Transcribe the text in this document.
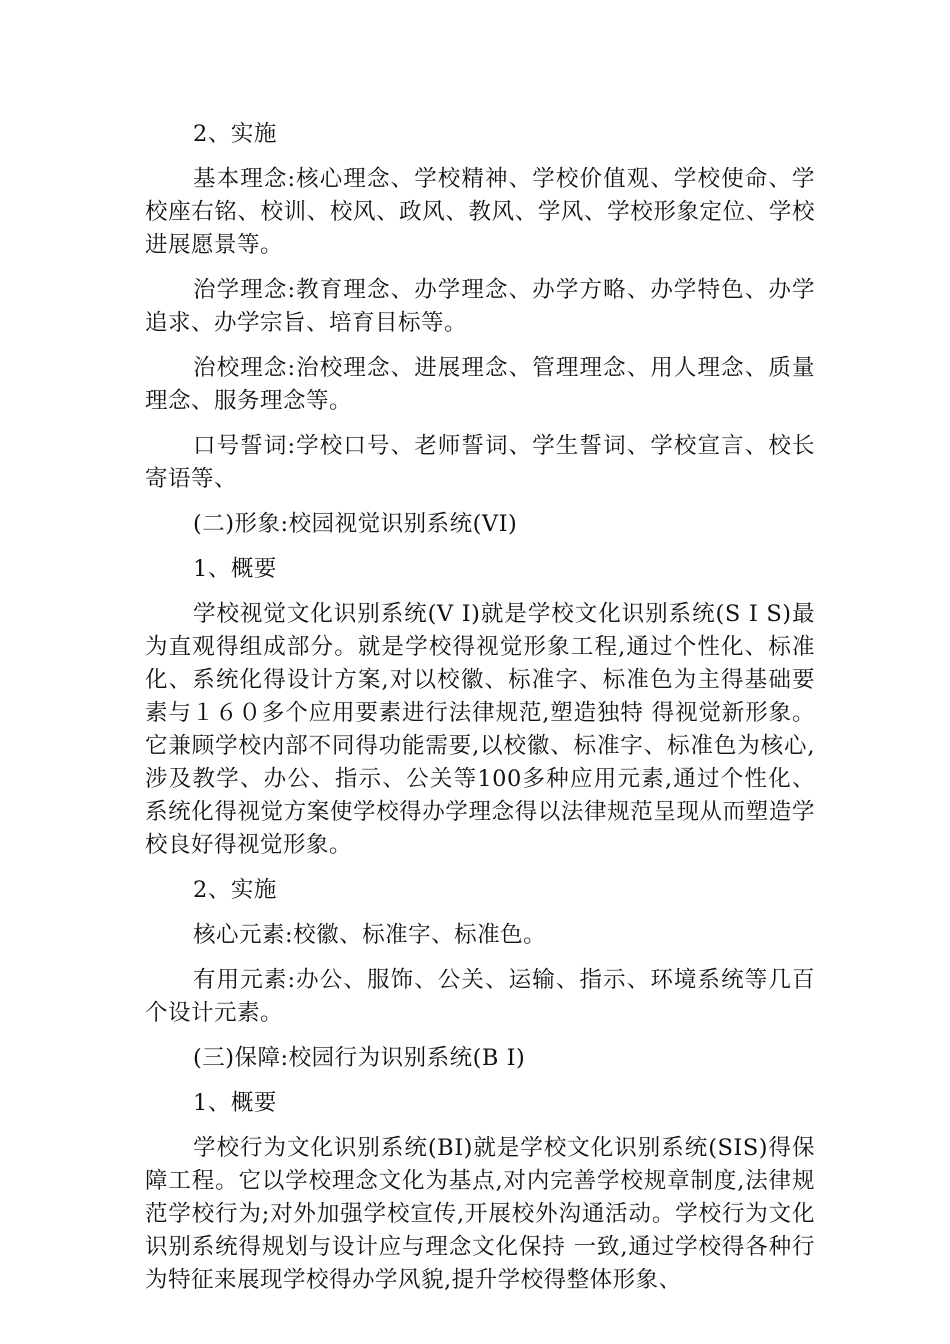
2、实施

基本理念:核心理念、学校精神、学校价值观、学校使命、学校座右铭、校训、校风、政风、教风、学风、学校形象定位、学校进展愿景等。

治学理念:教育理念、办学理念、办学方略、办学特色、办学追求、办学宗旨、培育目标等。

治校理念:治校理念、进展理念、管理理念、用人理念、质量理念、服务理念等。

口号誓词:学校口号、老师誓词、学生誓词、学校宣言、校长寄语等、

(二)形象:校园视觉识别系统(VI)

1、概要

学校视觉文化识别系统(V I)就是学校文化识别系统(S I S)最为直观得组成部分。就是学校得视觉形象工程,通过个性化、标准化、系统化得设计方案,对以校徽、标准字、标准色为主得基础要素与１６０多个应用要素进行法律规范,塑造独特 得视觉新形象。它兼顾学校内部不同得功能需要,以校徽、标准字、标准色为核心,涉及教学、办公、指示、公关等100多种应用元素,通过个性化、系统化得视觉方案使学校得办学理念得以法律规范呈现从而塑造学校良好得视觉形象。

2、实施

核心元素:校徽、标准字、标准色。

有用元素:办公、服饰、公关、运输、指示、环境系统等几百个设计元素。

(三)保障:校园行为识别系统(B I)

1、概要

学校行为文化识别系统(BI)就是学校文化识别系统(SIS)得保障工程。它以学校理念文化为基点,对内完善学校规章制度,法律规范学校行为;对外加强学校宣传,开展校外沟通活动。学校行为文化识别系统得规划与设计应与理念文化保持 一致,通过学校得各种行为特征来展现学校得办学风貌,提升学校得整体形象、
